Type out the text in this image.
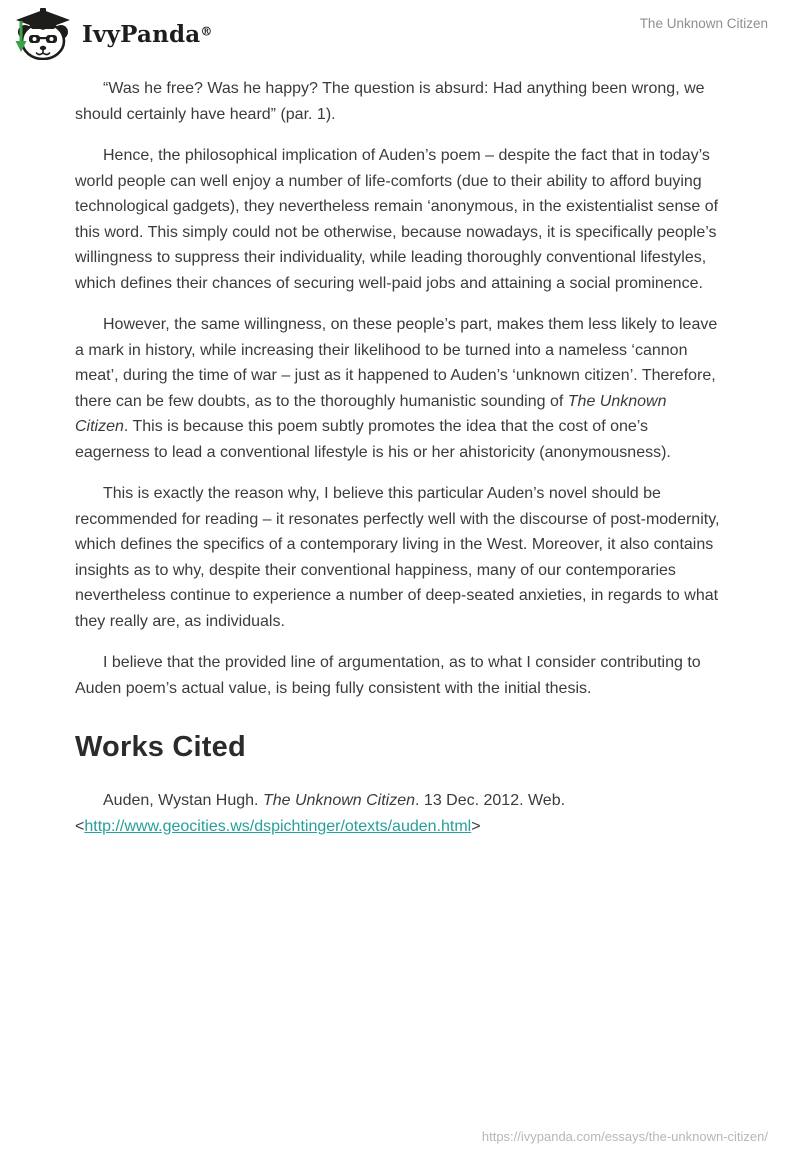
IvyPanda®
The Unknown Citizen

“Was he free? Was he happy? The question is absurd: Had anything been wrong, we should certainly have heard” (par. 1).

Hence, the philosophical implication of Auden’s poem – despite the fact that in today’s world people can well enjoy a number of life-comforts (due to their ability to afford buying technological gadgets), they nevertheless remain ‘anonymous, in the existentialist sense of this word. This simply could not be otherwise, because nowadays, it is specifically people’s willingness to suppress their individuality, while leading thoroughly conventional lifestyles, which defines their chances of securing well-paid jobs and attaining a social prominence.

However, the same willingness, on these people’s part, makes them less likely to leave a mark in history, while increasing their likelihood to be turned into a nameless ‘cannon meat’, during the time of war – just as it happened to Auden’s ‘unknown citizen’. Therefore, there can be few doubts, as to the thoroughly humanistic sounding of The Unknown Citizen. This is because this poem subtly promotes the idea that the cost of one’s eagerness to lead a conventional lifestyle is his or her ahistoricity (anonymousness).

This is exactly the reason why, I believe this particular Auden’s novel should be recommended for reading – it resonates perfectly well with the discourse of post-modernity, which defines the specifics of a contemporary living in the West. Moreover, it also contains insights as to why, despite their conventional happiness, many of our contemporaries nevertheless continue to experience a number of deep-seated anxieties, in regards to what they really are, as individuals.

I believe that the provided line of argumentation, as to what I consider contributing to Auden poem’s actual value, is being fully consistent with the initial thesis.

Works Cited

Auden, Wystan Hugh. The Unknown Citizen. 13 Dec. 2012. Web. <http://www.geocities.ws/dspichtinger/otexts/auden.html>

https://ivypanda.com/essays/the-unknown-citizen/
